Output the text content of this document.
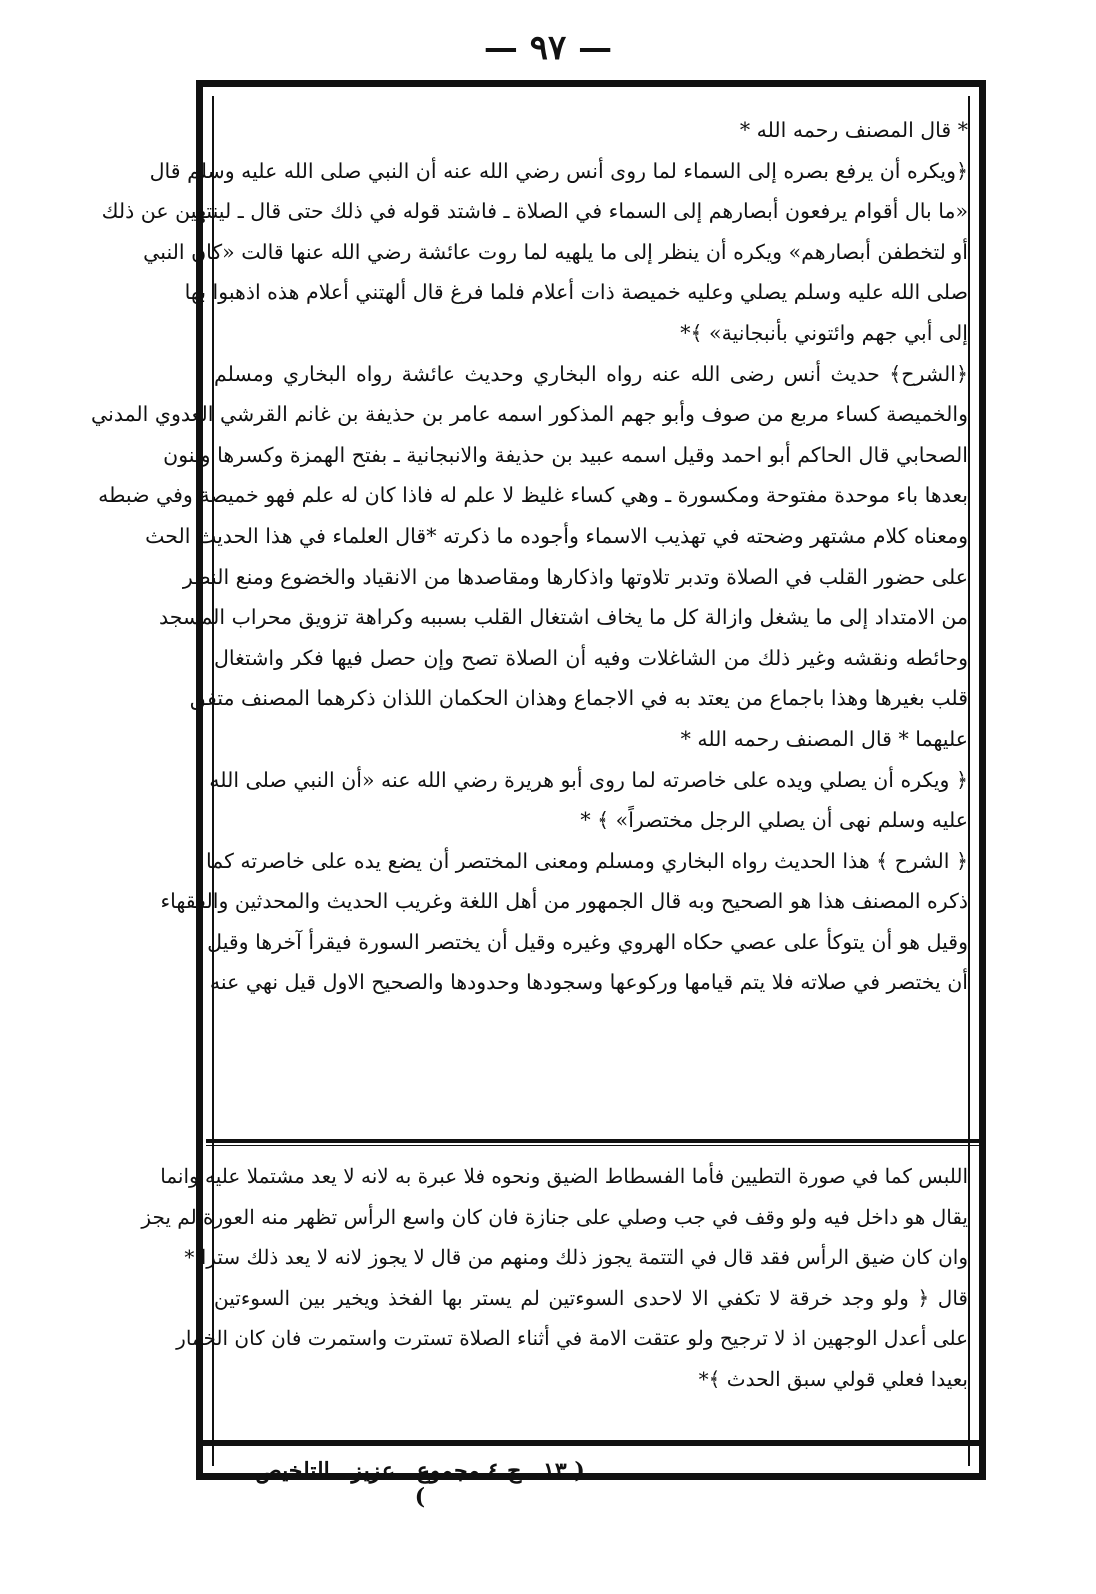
— ٩٧ —
* قال المصنف رحمه الله *
﴿ويكره أن يرفع بصره إلى السماء لما روى أنس رضي الله عنه أن النبي صلى الله عليه وسلم قال
«ما بال أقوام يرفعون أبصارهم إلى السماء في الصلاة ـ فاشتد قوله في ذلك حتى قال ـ لينتهين عن ذلك
أو لتخطفن أبصارهم» ويكره أن ينظر إلى ما يلهيه لما روت عائشة رضي الله عنها قالت «كان النبي
صلى الله عليه وسلم يصلي وعليه خميصة ذات أعلام فلما فرغ قال ألهتني أعلام هذه اذهبوا بها
إلى أبي جهم وائتوني بأنبجانية» ﴾*
﴿الشرح﴾ حديث أنس رضى الله عنه رواه البخاري وحديث عائشة رواه البخاري ومسلم
والخميصة كساء مربع من صوف وأبو جهم المذكور اسمه عامر بن حذيفة بن غانم القرشي العدوي المدني
الصحابي قال الحاكم أبو احمد وقيل اسمه عبيد بن حذيفة والانبجانية ـ بفتح الهمزة وكسرها وبنون
بعدها باء موحدة مفتوحة ومكسورة ـ وهي كساء غليظ لا علم له فاذا كان له علم فهو خميصة وفي ضبطه
ومعناه كلام مشتهر وضحته في تهذيب الاسماء وأجوده ما ذكرته *قال العلماء في هذا الحديث الحث
على حضور القلب في الصلاة وتدبر تلاوتها واذكارها ومقاصدها من الانقياد والخضوع ومنع النظر
من الامتداد إلى ما يشغل وازالة كل ما يخاف اشتغال القلب بسببه وكراهة تزويق محراب المسجد
وحائطه ونقشه وغير ذلك من الشاغلات وفيه أن الصلاة تصح وإن حصل فيها فكر واشتغال
قلب بغيرها وهذا باجماع من يعتد به في الاجماع وهذان الحكمان اللذان ذكرهما المصنف متفق
عليهما * قال المصنف رحمه الله *
﴿ ويكره أن يصلي ويده على خاصرته لما روى أبو هريرة رضي الله عنه «أن النبي صلى الله
عليه وسلم نهى أن يصلي الرجل مختصراً» ﴾ *
﴿ الشرح ﴾ هذا الحديث رواه البخاري ومسلم ومعنى المختصر أن يضع يده على خاصرته كما
ذكره المصنف هذا هو الصحيح وبه قال الجمهور من أهل اللغة وغريب الحديث والمحدثين والفقهاء
وقيل هو أن يتوكأ على عصي حكاه الهروي وغيره وقيل أن يختصر السورة فيقرأ آخرها وقيل
أن يختصر في صلاته فلا يتم قيامها وركوعها وسجودها وحدودها والصحيح الاول قيل نهي عنه
اللبس كما في صورة التطيين فأما الفسطاط الضيق ونحوه فلا عبرة به لانه لا يعد مشتملا عليه وانما
يقال هو داخل فيه ولو وقف في جب وصلي على جنازة فان كان واسع الرأس تظهر منه العورة لم يجز
وان كان ضيق الرأس فقد قال في التتمة يجوز ذلك ومنهم من قال لا يجوز لانه لا يعد ذلك سترا *
قال ﴿ ولو وجد خرقة لا تكفي الا لاحدى السوءتين لم يستر بها الفخذ ويخير بين السوءتين
على أعدل الوجهين اذ لا ترجيح ولو عتقت الامة في أثناء الصلاة تسترت واستمرت فان كان الخمار
بعيدا فعلي قولي سبق الحدث ﴾*
( ١٣ ـ ج ٤ مجموع ـ عزيز ـ التلخيص )
